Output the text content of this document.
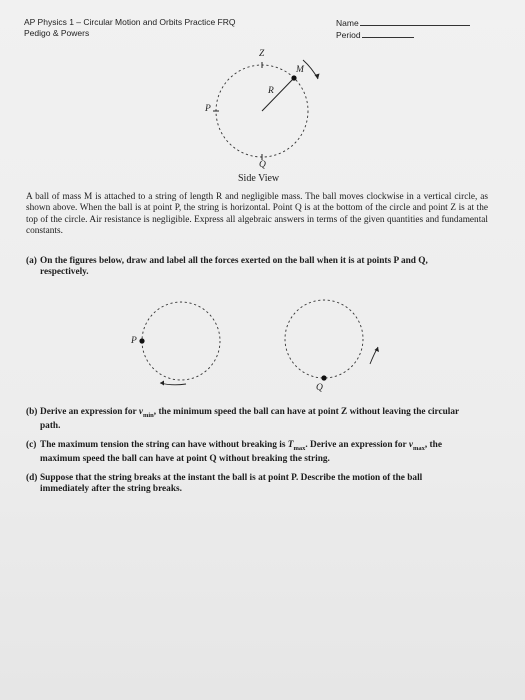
AP Physics 1 – Circular Motion and Orbits Practice FRQ
Pedigo & Powers
Name
Period
Z
M
R
P
Q
Side View
A ball of mass M is attached to a string of length R and negligible mass. The ball moves clockwise in a vertical circle, as shown above. When the ball is at point P, the string is horizontal. Point Q is at the bottom of the circle and point Z is at the top of the circle. Air resistance is negligible. Express all algebraic answers in terms of the given quantities and fundamental constants.
(a) On the figures below, draw and label all the forces exerted on the ball when it is at points P and Q,
respectively.
P
Q
(b) Derive an expression for $v_{min}$, the minimum speed the ball can have at point Z without leaving the circular
path.
(c) The maximum tension the string can have without breaking is $T_{max}$. Derive an expression for $v_{max}$, the
maximum speed the ball can have at point Q without breaking the string.
(d) Suppose that the string breaks at the instant the ball is at point P. Describe the motion of the ball
immediately after the string breaks.
